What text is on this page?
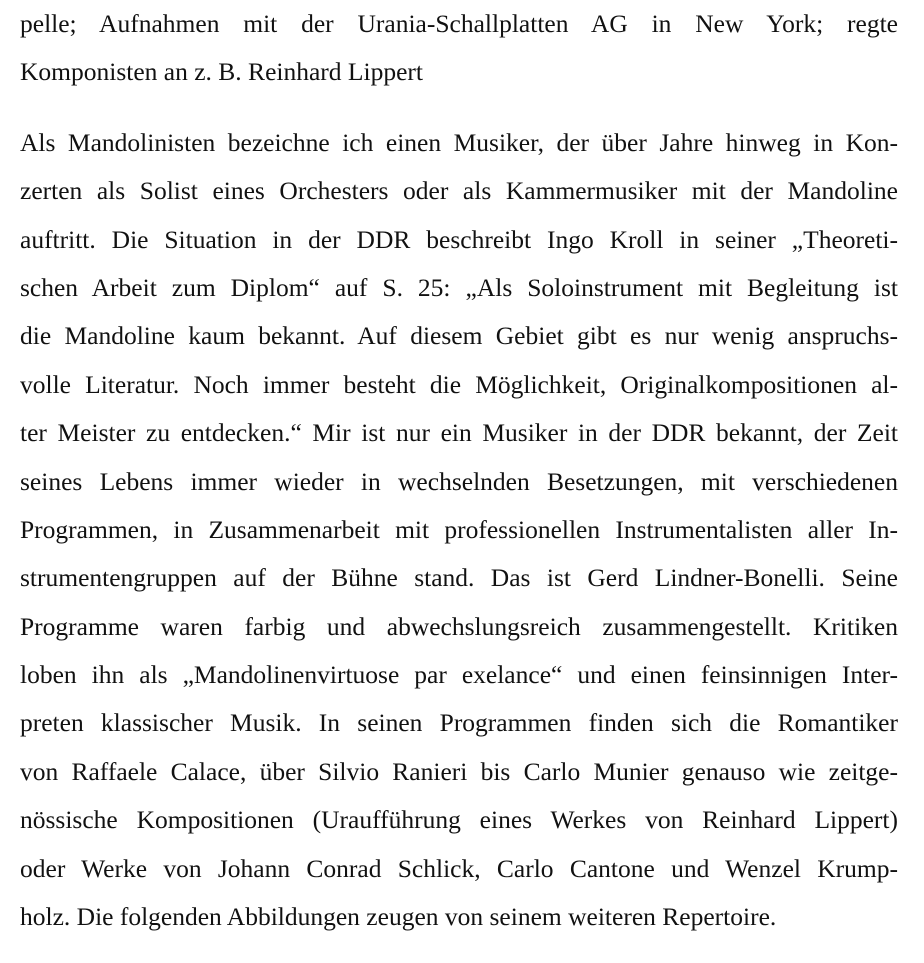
pelle; Aufnahmen mit der Urania-Schallplatten AG in New York; regte
Komponisten an z. B. Reinhard Lippert
Als Mandolinisten bezeichne ich einen Musiker, der über Jahre hinweg in Kon-
zerten als Solist eines Orchesters oder als Kammermusiker mit der Mandoline
auftritt. Die Situation in der DDR beschreibt Ingo Kroll in seiner „Theoreti-
schen Arbeit zum Diplom“ auf S. 25: „Als Soloinstrument mit Begleitung ist
die Mandoline kaum bekannt. Auf diesem Gebiet gibt es nur wenig anspruchs-
volle Literatur. Noch immer besteht die Möglichkeit, Originalkompositionen al-
ter Meister zu entdecken.“ Mir ist nur ein Musiker in der DDR bekannt, der Zeit
seines Lebens immer wieder in wechselnden Besetzungen, mit verschiedenen
Programmen, in Zusammenarbeit mit professionellen Instrumentalisten aller In-
strumentengruppen auf der Bühne stand. Das ist Gerd Lindner-Bonelli. Seine
Programme waren farbig und abwechslungsreich zusammengestellt. Kritiken
loben ihn als „Mandolinenvirtuose par exelance“ und einen feinsinnigen Inter-
preten klassischer Musik. In seinen Programmen finden sich die Romantiker
von Raffaele Calace, über Silvio Ranieri bis Carlo Munier genauso wie zeitge-
nössische Kompositionen (Uraufführung eines Werkes von Reinhard Lippert)
oder Werke von Johann Conrad Schlick, Carlo Cantone und Wenzel Krump-
holz. Die folgenden Abbildungen zeugen von seinem weiteren Repertoire.
